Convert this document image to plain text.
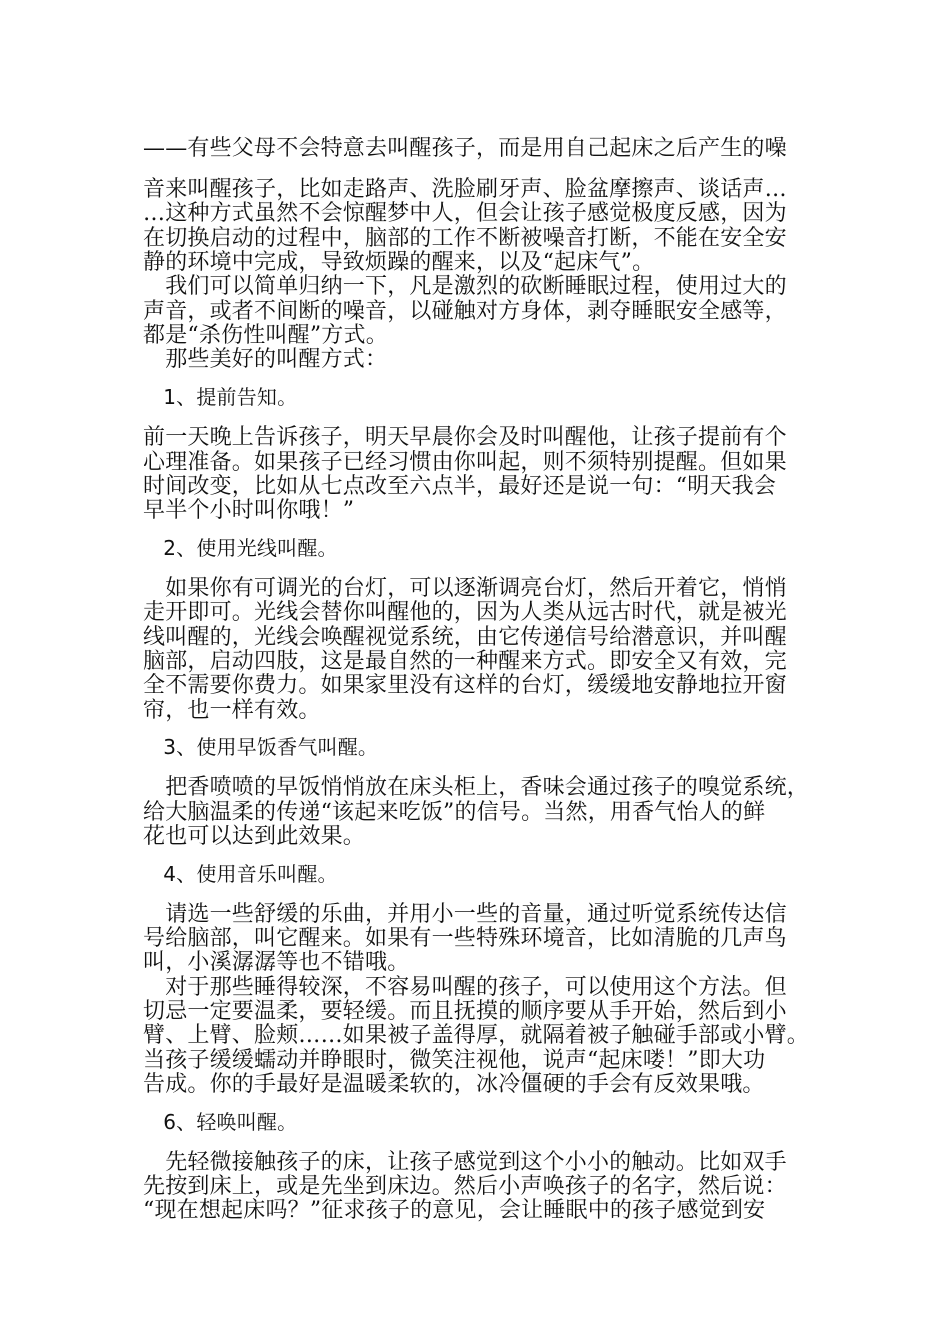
——有些父母不会特意去叫醒孩子，而是用自己起床之后产生的噪
音来叫醒孩子，比如走路声、洗脸刷牙声、脸盆摩擦声、谈话声…
…这种方式虽然不会惊醒梦中人，但会让孩子感觉极度反感，因为
在切换启动的过程中，脑部的工作不断被噪音打断，不能在安全安
静的环境中完成，导致烦躁的醒来，以及“起床气”。
　我们可以简单归纳一下，凡是激烈的砍断睡眠过程，使用过大的
声音，或者不间断的噪音，以碰触对方身体，剥夺睡眠安全感等，
都是“杀伤性叫醒”方式。
　那些美好的叫醒方式：
　1、提前告知。
前一天晚上告诉孩子，明天早晨你会及时叫醒他，让孩子提前有个
心理准备。如果孩子已经习惯由你叫起，则不须特别提醒。但如果
时间改变，比如从七点改至六点半，最好还是说一句：“明天我会
早半个小时叫你哦！”
　2、使用光线叫醒。
　如果你有可调光的台灯，可以逐渐调亮台灯，然后开着它，悄悄
走开即可。光线会替你叫醒他的，因为人类从远古时代，就是被光
线叫醒的，光线会唤醒视觉系统，由它传递信号给潜意识，并叫醒
脑部，启动四肢，这是最自然的一种醒来方式。即安全又有效，完
全不需要你费力。如果家里没有这样的台灯，缓缓地安静地拉开窗
帘，也一样有效。
　3、使用早饭香气叫醒。
　把香喷喷的早饭悄悄放在床头柜上，香味会通过孩子的嗅觉系统，
给大脑温柔的传递“该起来吃饭”的信号。当然，用香气怡人的鲜
花也可以达到此效果。
　4、使用音乐叫醒。
　请选一些舒缓的乐曲，并用小一些的音量，通过听觉系统传达信
号给脑部，叫它醒来。如果有一些特殊环境音，比如清脆的几声鸟
叫，小溪潺潺等也不错哦。
　对于那些睡得较深，不容易叫醒的孩子，可以使用这个方法。但
切忌一定要温柔，要轻缓。而且抚摸的顺序要从手开始，然后到小
臂、上臂、脸颊……如果被子盖得厚，就隔着被子触碰手部或小臂。
当孩子缓缓蠕动并睁眼时，微笑注视他，说声“起床喽！”即大功
告成。你的手最好是温暖柔软的，冰冷僵硬的手会有反效果哦。
　6、轻唤叫醒。
　先轻微接触孩子的床，让孩子感觉到这个小小的触动。比如双手
先按到床上，或是先坐到床边。然后小声唤孩子的名字，然后说：
“现在想起床吗？”征求孩子的意见，会让睡眠中的孩子感觉到安
